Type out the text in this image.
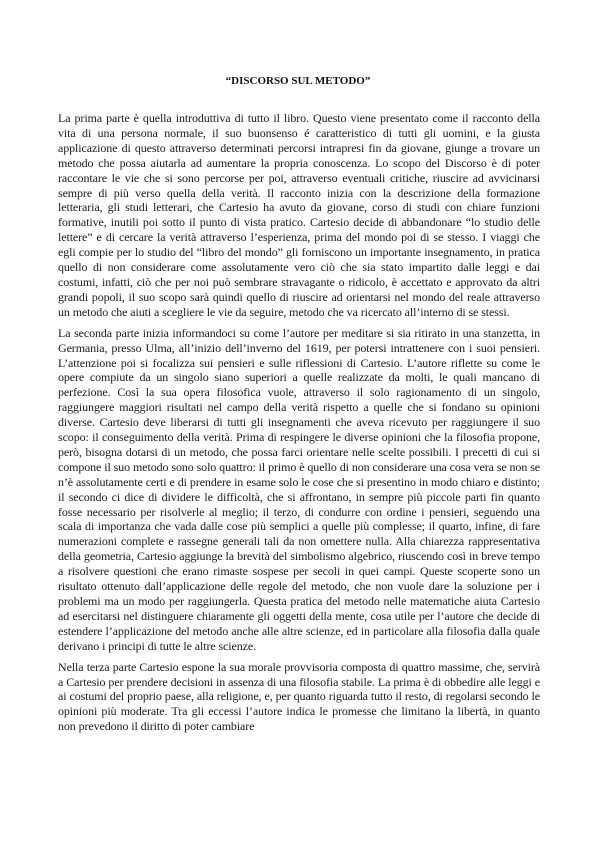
“DISCORSO SUL METODO”

La prima parte è quella introduttiva di tutto il libro. Questo viene presentato come il racconto della vita di una persona normale, il suo buonsenso é caratteristico di tutti gli uomini, e la giusta applicazione di questo attraverso determinati percorsi intrapresi fin da giovane, giunge a trovare un metodo che possa aiutarla ad aumentare la propria conoscenza. Lo scopo del Discorso è di poter raccontare le vie che si sono percorse per poi, attraverso eventuali critiche, riuscire ad avvicinarsi sempre di più verso quella della verità. Il racconto inizia con la descrizione della formazione letteraria, gli studi letterari, che Cartesio ha avuto da giovane, corso di studi con chiare funzioni formative, inutili poi sotto il punto di vista pratico. Cartesio decide di abbandonare “lo studio delle lettere” e di cercare la verità attraverso l’esperienza, prima del mondo poi di se stesso. I viaggi che egli compie per lo studio del “libro del mondo” gli forniscono un importante insegnamento, in pratica quello di non considerare come assolutamente vero ciò che sia stato impartito dalle leggi e dai costumi, infatti, ciò che per noi può sembrare stravagante o ridicolo, è accettato e approvato da altri grandi popoli, il suo scopo sarà quindi quello di riuscire ad orientarsi nel mondo del reale attraverso un metodo che aiuti a scegliere le vie da seguire, metodo che va ricercato all’interno di se stessi.

La seconda parte inizia informandoci su come l’autore per meditare si sia ritirato in una stanzetta, in Germania, presso Ulma, all’inizio dell’inverno del 1619, per potersi intrattenere con i suoi pensieri. L’attenzione poi si focalizza sui pensieri e sulle riflessioni di Cartesio. L’autore riflette su come le opere compiute da un singolo siano superiori a quelle realizzate da molti, le quali mancano di perfezione. Così la sua opera filosofica vuole, attraverso il solo ragionamento di un singolo, raggiungere maggiori risultati nel campo della verità rispetto a quelle che si fondano su opinioni diverse. Cartesio deve liberarsi di tutti gli insegnamenti che aveva ricevuto per raggiungere il suo scopo: il conseguimento della verità. Prima di respingere le diverse opinioni che la filosofia propone, però, bisogna dotarsi di un metodo, che possa farci orientare nelle scelte possibili. I precetti di cui si compone il suo metodo sono solo quattro: il primo è quello di non considerare una cosa vera se non se n’è assolutamente certi e di prendere in esame solo le cose che si presentino in modo chiaro e distinto; il secondo ci dice di dividere le difficoltà, che si affrontano, in sempre più piccole parti fin quanto fosse necessario per risolverle al meglio; il terzo, di condurre con ordine i pensieri, seguendo una scala di importanza che vada dalle cose più semplici a quelle più complesse; il quarto, infine, di fare numerazioni complete e rassegne generali tali da non omettere nulla. Alla chiarezza rappresentativa della geometria, Cartesio aggiunge la brevità del simbolismo algebrico, riuscendo così in breve tempo a risolvere questioni che erano rimaste sospese per secoli in quei campi. Queste scoperte sono un risultato ottenuto dall’applicazione delle regole del metodo, che non vuole dare la soluzione per i problemi ma un modo per raggiungerla. Questa pratica del metodo nelle matematiche aiuta Cartesio ad esercitarsi nel distinguere chiaramente gli oggetti della mente, cosa utile per l’autore che decide di estendere l’applicazione del metodo anche alle altre scienze, ed in particolare alla filosofia dalla quale derivano i principi di tutte le altre scienze.

Nella terza parte Cartesio espone la sua morale provvisoria composta di quattro massime, che, servirà a Cartesio per prendere decisioni in assenza di una filosofia stabile. La prima è di obbedire alle leggi e ai costumi del proprio paese, alla religione, e, per quanto riguarda tutto il resto, di regolarsi secondo le opinioni più moderate. Tra gli eccessi l’autore indica le promesse che limitano la libertà, in quanto non prevedono il diritto di poter cambiare
